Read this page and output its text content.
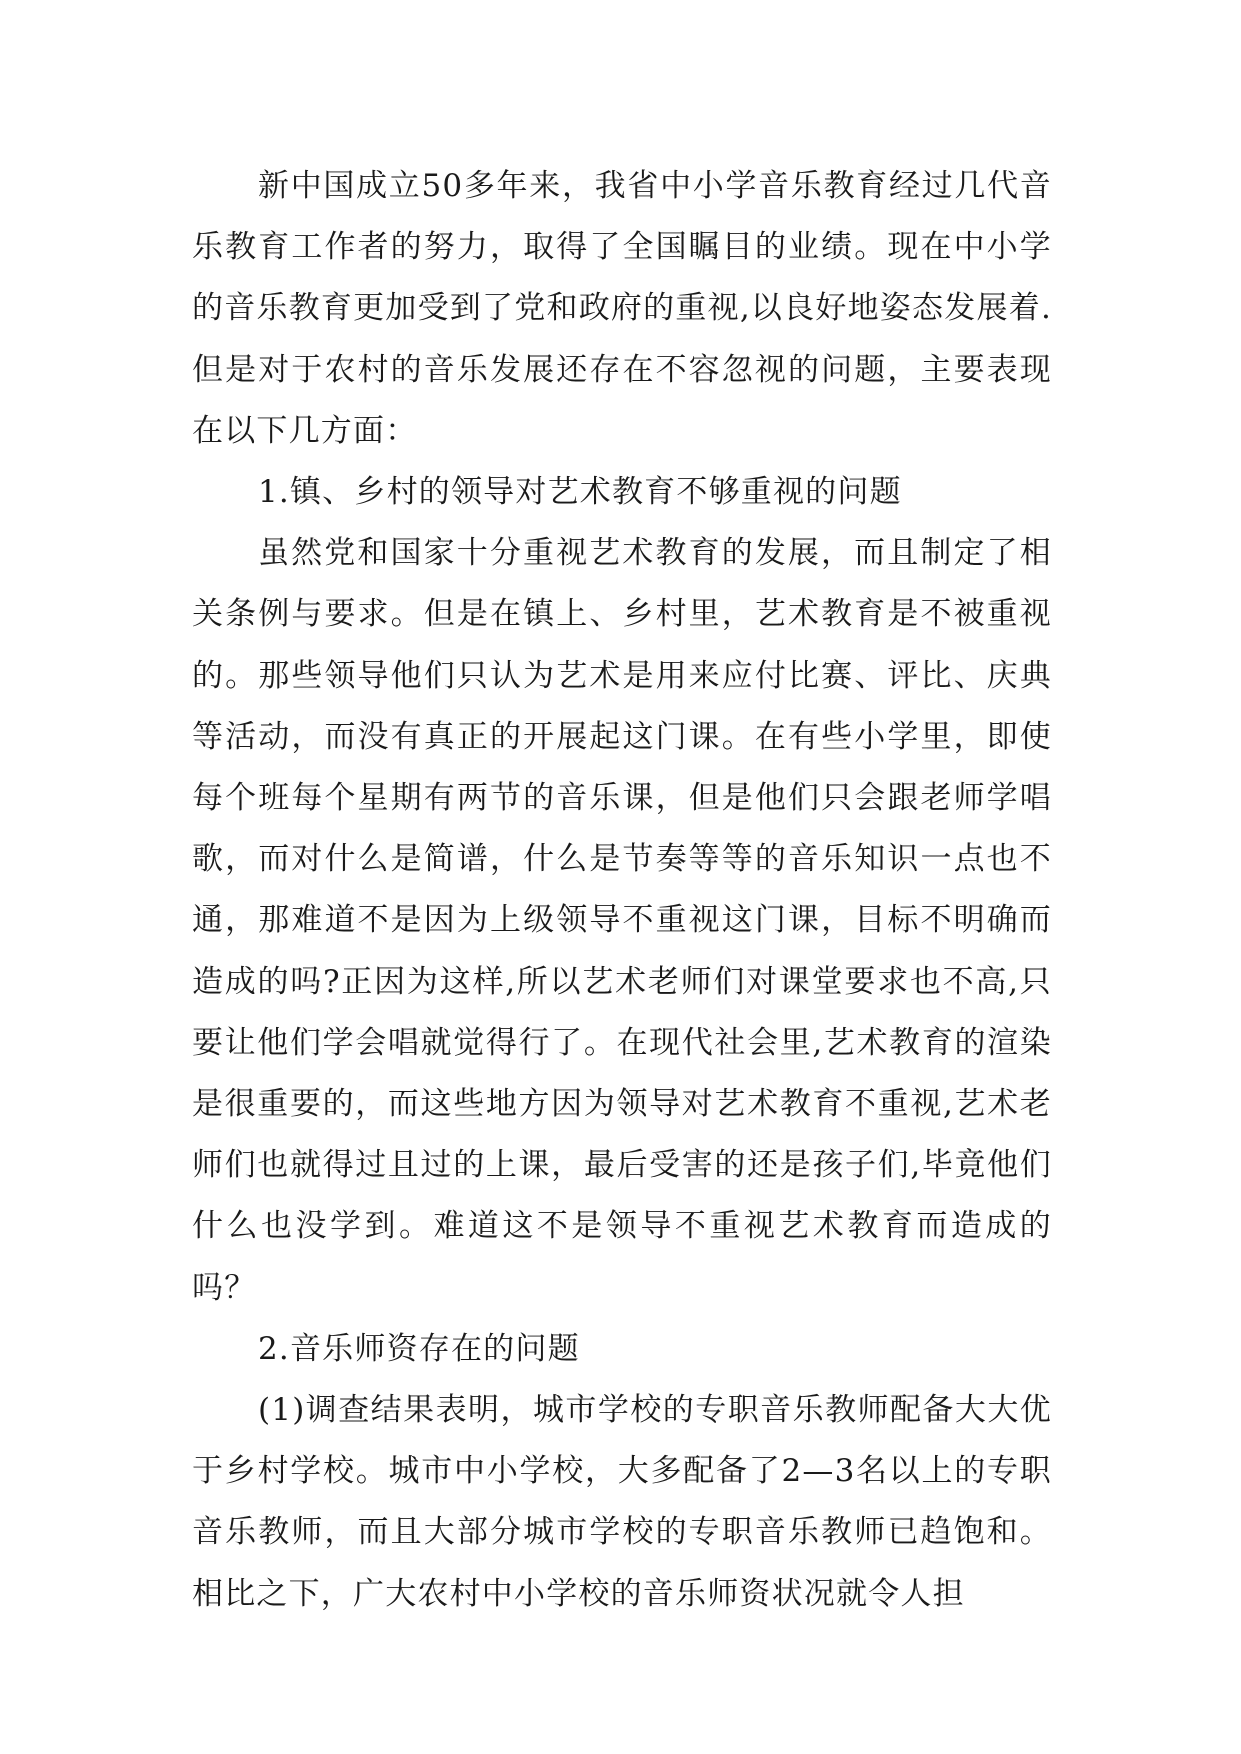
新中国成立50多年来，我省中小学音乐教育经过几代音乐教育工作者的努力，取得了全国瞩目的业绩。现在中小学的音乐教育更加受到了党和政府的重视,以良好地姿态发展着.但是对于农村的音乐发展还存在不容忽视的问题，主要表现在以下几方面：

1.镇、乡村的领导对艺术教育不够重视的问题

虽然党和国家十分重视艺术教育的发展，而且制定了相关条例与要求。但是在镇上、乡村里，艺术教育是不被重视的。那些领导他们只认为艺术是用来应付比赛、评比、庆典等活动，而没有真正的开展起这门课。在有些小学里，即使每个班每个星期有两节的音乐课，但是他们只会跟老师学唱歌，而对什么是简谱，什么是节奏等等的音乐知识一点也不通，那难道不是因为上级领导不重视这门课，目标不明确而造成的吗?正因为这样,所以艺术老师们对课堂要求也不高,只要让他们学会唱就觉得行了。在现代社会里,艺术教育的渲染是很重要的，而这些地方因为领导对艺术教育不重视,艺术老师们也就得过且过的上课，最后受害的还是孩子们,毕竟他们什么也没学到。难道这不是领导不重视艺术教育而造成的吗？

2.音乐师资存在的问题

(1)调查结果表明，城市学校的专职音乐教师配备大大优于乡村学校。城市中小学校，大多配备了2—3名以上的专职音乐教师，而且大部分城市学校的专职音乐教师已趋饱和。相比之下，广大农村中小学校的音乐师资状况就令人担
